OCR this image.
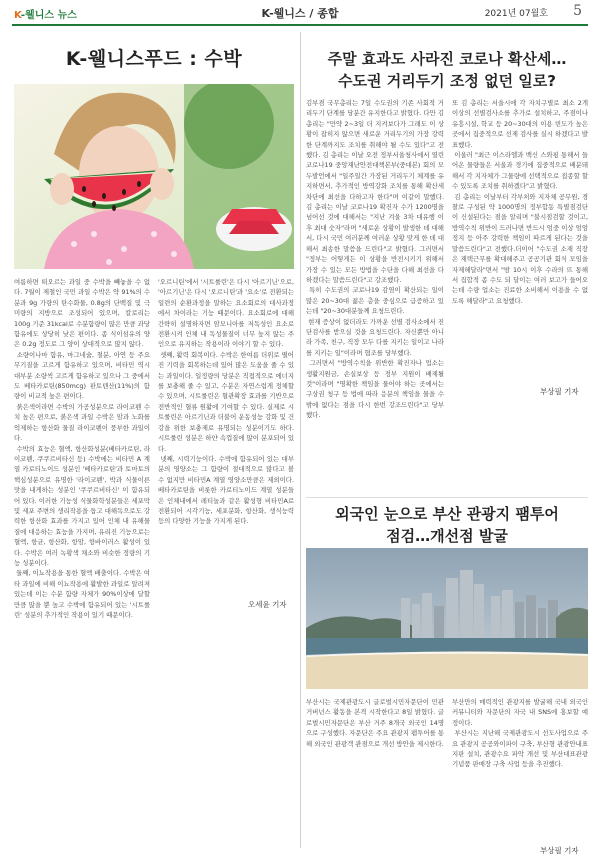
K-웰니스 뉴스	K-웰니스 / 종합	2021년 07월호 5
K-웰니스푸드 : 수박
여름하면 떠오르는 과일 중 수박을 빼놓을 수 없다. 7월이 제철인 국민 과일 수박은 약 91%의 수분과 9g 가량의 탄수화물, 0.8g의 단백질 및 극미량의 지방으로 조성되어 있으며, 칼로리는 100g 기준 31kcal로 수분함량이 많은 만큼 과당함유에도 상당히 낮은 편이다. 좀 식이섬유의 양은 0.2g 정도로 그 양이 상대적으로 많지 않다.
소량이나마 함유, 마그네슘, 철분, 아연 등 주요 무기질을 고르게 함유하고 있으며, 비타민 역시 대부분 소량씩 고르게 함유하고 있으나 그 중에서도 베타카로틴(850mcg) 판토텐산(11%)의 함량이 비교적 높은 편이다.
붉은색이라면 수박의 가공성분으로 라이코펜 수치 높은 편으로, 붉은색 과일 수박은 암과 노화를 억제하는 항산화 물질 라이코펜이 풍부한 과일이다.
수박의 효능은 혈액, 항산화성분(베타카로틴, 라이코펜, 쿠쿠르비타신 등) 수박에는 비타민 A 계열 카로티노이드 성분인 '베타카로틴'과 토마토의 핵심성분으로 유명한 '라이코펜', 박과 식물이른 맛을 내게하는 성분인 '쿠쿠르비타신' 이 함유되어 있다. 이러한 기능성 식물화학성분들은 세포막 및 세포 주변의 생리작용을 돕고 대해독으로도 강력한 항산화 효과를 가지고 있어 인체 내 유해물질에 대응하는 효능을 가지며, 유리진 기능으로는 혈액, 항균, 항산화, 항암, 항바이러스 활성이 있다. 수박은 여러 녹황색 채소와 비슷한 정량의 기능 성분이다.
둘째, 이뇨작용을 통한 혈액 배출이다. 수박은 여타 과일에 비해 이뇨작용에 활발한 과일로 알려져 있는데 이는 수분 함량 자체가 90%이상에 달할만큼 많을 뿐 높고 수박에 함유되어 있는 '시트룰린' 성분의 추가적인 작용이 있기 때문이다.
'오르니틴'에서 '시트룰린'은 다시 '아르기닌'으로, '아르기닌'은 다시 '오르니틴'과 '요소'로 전환되는 일련의 순환과정을 말하는 요소회로의 대사과정에서 차이라는 기능 때문이다. 요소회로에 대해 간략히 설명하자면 암모니아를 저독성인 요소로 전환시켜 인체 내 독성물질이 너무 높지 않는 주인으로 유지하는 작용이라 이야기 할 수 있다.
셋째, 활력 회복이다. 수박은 한여름 더위로 떨어진 기력을 회복하는데 있어 많은 도움을 줄 수 있는 과일이다. 일정량의 당분은 직접적으로 에너지를 보충해 줄 수 있고, 수분은 자연스럽게 정체할 수 있으며, 시트룰린은 혈관확장 효과를 기반으로 전반적인 혈류 원활에 기여할 수 있다. 실제로 시트룰린은 아르기닌과 더불어 운동성능 강화 및 건강을 위한 보충제로 유명되는 성분이기도 하다. 시트룰린 성분은 하얀 속껍질에 많이 분포되어 있다.
넷째, 시력기능이다. 수박에 함유되어 있는 대부분의 영양소는 그 함량이 절대적으로 많다고 볼 수 없지만 비타민A 계열 영양소만큼은 제외이다. 베타카로틴을 비롯한 카로티노이드 계열 성분들은 인체내에서 레티놀과 같은 활성형 비타민A로 전환되어 시각기능, 세포분화, 항산화, 생식능력 등의 다양한 기능을 가지게 된다.
오세윤 기자
주말 효과도 사라진 코로나 확산세…
수도권 거리두기 조정 없던 일로?
김부겸 국무총리는 7일 수도권의 기존 사회적 거리두기 단계를 당분간 유지한다고 밝혔다. 다만 김 총리는 "만약 2~3일 더 지켜보다가 그래도 이 상황이 잡히지 않으면 새로운 거리두기의 가장 강력한 단계까지도 조치를 취해야 될 수도 있다"고 전했다. 김 총리는 이날 오전 정부서울청사에서 열린 코로나19 중앙재난안전대책본부(중대본) 회의 모두발언에서 "일주일간 가장된 거리두기 체계를 유지하면서, 추가적인 방역강화 조치를 통해 확산세 차단에 최선을 다하고자 한다"며 이같이 말했다. 김 총리는 이날 코로나19 확진자 수가 1200명을 넘어선 것에 대해서는 "지난 겨울 3차 대유행 이후 최대 숫자"라며 "새로운 상황이 발생한 데 대해서, 다시 국민 여러분께 여러운 상황 맞게 한 데 대해서 최송한 말씀을 드린다"고 밝혔다. 그러면서 "정부는 어떻게든 이 상황을 반전시키기 위해서 가장 수 있는 모든 방법을 수단을 다해 최선을 다하겠다는 말씀드린다"고 강조했다.
특히 수도권의 코로나19 감염이 확산되는 일이 많은 20~30대 젊은 층을 중심으로 급증하고 있는데 "20~30대분들께 요청드린다.
현재 증상이 없더라도 가까운 선별 검사소에서 진단검사를 받으실 것을 요청드린다. 자신뿐만 아니라 가족, 친구, 직장 모두 다를 지키는 일이고 나라를 지키는 일"이라며 협조를 당부했다.
그러면서 "방역수칙을 위반한 확진자나 업소는 생활지원금, 손실보상 등 정부 지원이 배제될 것"이라며 "명확한 책임을 물어야 하는 곳에서는 구상권 청구 등 법에 따라 응분의 책임을 물을 수밖에 없다는 점을 다시 한번 강조드린다"고 당부했다.
또 김 총리는 서울시에 각 자치구별로 최소 2개 이상의 선별검사소를 추가로 설치하고, 주점이나 유흥시설, 학교 등 20~30대의 이용 빈도가 높은 곳에서 집중적으로 선제 검사를 실시 하겠다고 발표했다.
이울러 "최근 이스라엘과 백신 스와핑 통해서 들어온 물량들은 서울과 경기에 집중적으로 배분돼 해서 각 지자체가 그물량에 선택적으로 접종할 할 수 있도록 조치를 취하겠다"고 밝혔다.
김 총리는 이날부터 각부처와 지자체 공무원, 경찰로 구성된 약 1000명의 정부합동 특별점검단이 신설된다는 점을 알리며 "불시점검할 것이고, 방역수칙 위반이 드러나면 반드시 엄중 이상 엄엄정지 등 아주 강력한 책임이 따르게 된다는 것을 말씀드린다"고 전했다.더이어 "수도권 소재 직장은 재택근무를 확대해주고 공공기관 회식 모임을 자제해달라"면서 "밤 10시 이후 수라의 뜨 통해서 집합적 좀 수도 되 달이는 여러 보고가 들어오는데 수량 업소는 진료한 소비해서 이용을 수 없도록 해달라"고 요청했다.
부상필 기자
외국인 눈으로 부산 관광지 팸투어
점검…개선점 발굴
부산시는 국제관광도시 글로벌시민자문단이 민관거버넌스 활동을 본격 시작한다고 8일 밝혔다. 글로벌시민자문단은 부산 거주 8개국 외국인 14명으로 구성했다. 자문단은 주요 관광지 팸투어를 통해 외국인 관광객 관점으로 개선 방안을 제시한다.
부산만의 매력적인 관광지를 발굴해 국내 외국인 커뮤니티와 자문단의 자국 내 SNS에 홍보할 예정이다.
부산시는 지난해 국제관광도시 선도사업으로 주요 관광지 공공와이파이 구축, 부산형 관광안내표지판 설치, 관광수요 파악 개선 및 부산대표관광기념품 판매장 구축 사업 등을 추진했다.
부상필 기자
